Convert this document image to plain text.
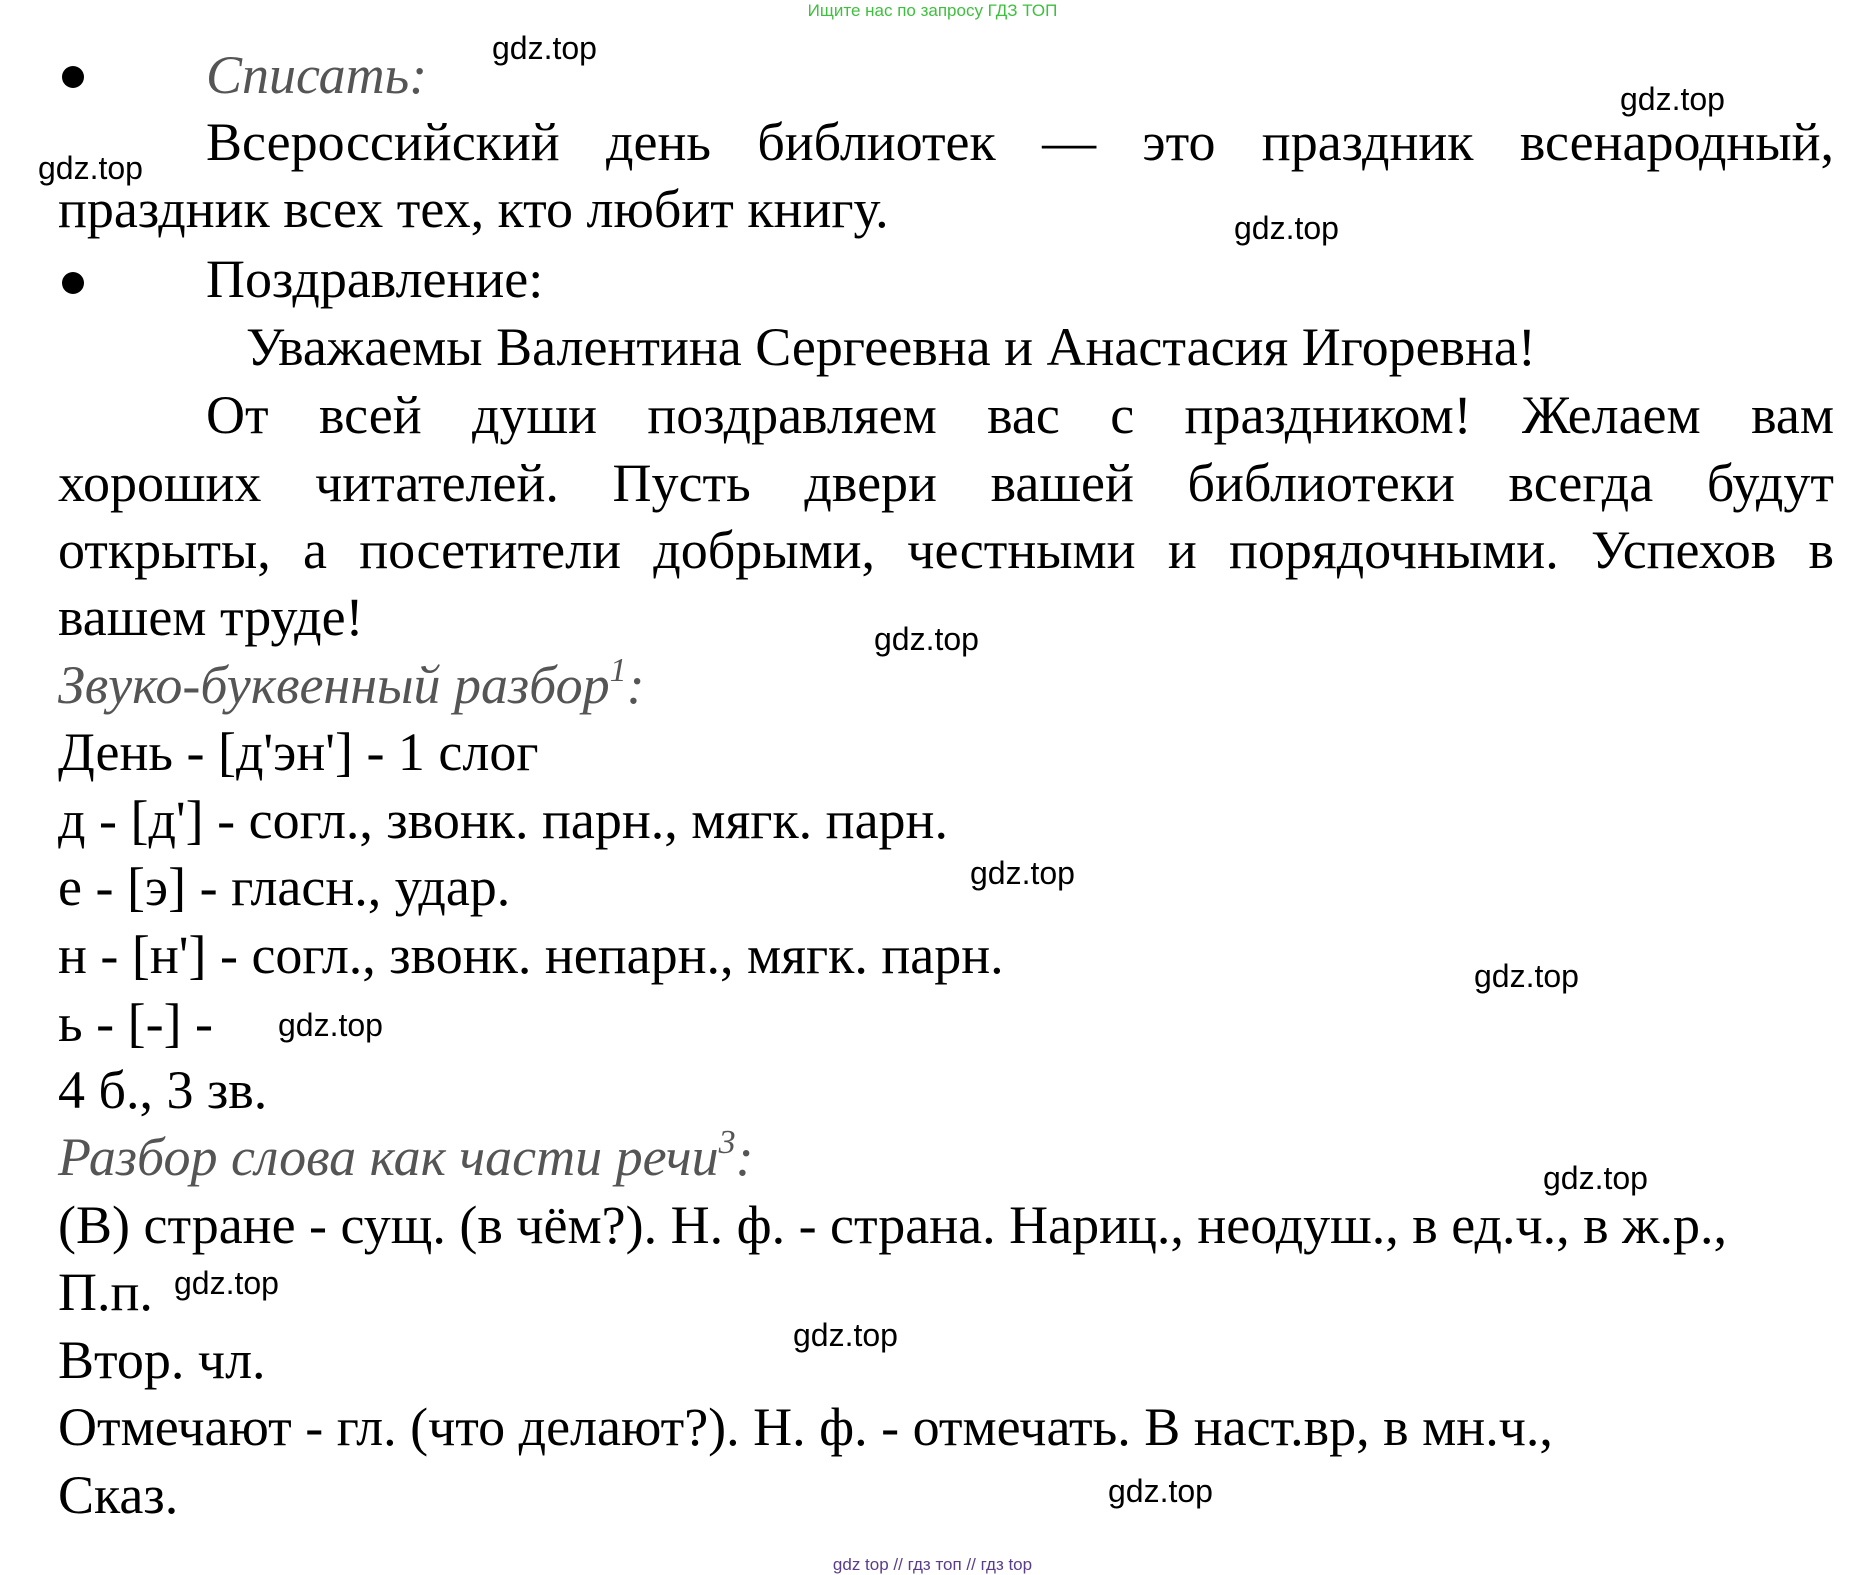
Ищите нас по запросу ГДЗ ТОП
Списать:
Всероссийский день библиотек — это праздник всенародный,
праздник всех тех, кто любит книгу.
Поздравление:
Уважаемы Валентина Сергеевна и Анастасия Игоревна!
От всей души поздравляем вас с праздником! Желаем вам
хороших читателей. Пусть двери вашей библиотеки всегда будут
открыты, а посетители добрыми, честными и порядочными. Успехов в
вашем труде!
Звуко-буквенный разбор$^1$:
День - [д'эн'] - 1 слог
д - [д'] - согл., звонк. парн., мягк. парн.
е - [э] - гласн., удар.
н - [н'] - согл., звонк. непарн., мягк. парн.
ь - [-] -
4 б., 3 зв.
Разбор слова как части речи$^3$:
(В) стране - сущ. (в чём?). Н. ф. - страна. Нариц., неодуш., в ед.ч., в ж.р.,
П.п.
Втор. чл.
Отмечают - гл. (что делают?). Н. ф. - отмечать. В наст.вр, в мн.ч.,
Сказ.
gdz.top
gdz.top
gdz.top
gdz.top
gdz.top
gdz.top
gdz.top
gdz.top
gdz.top
gdz.top
gdz.top
gdz.top
gdz top // гдз топ // гдз top
